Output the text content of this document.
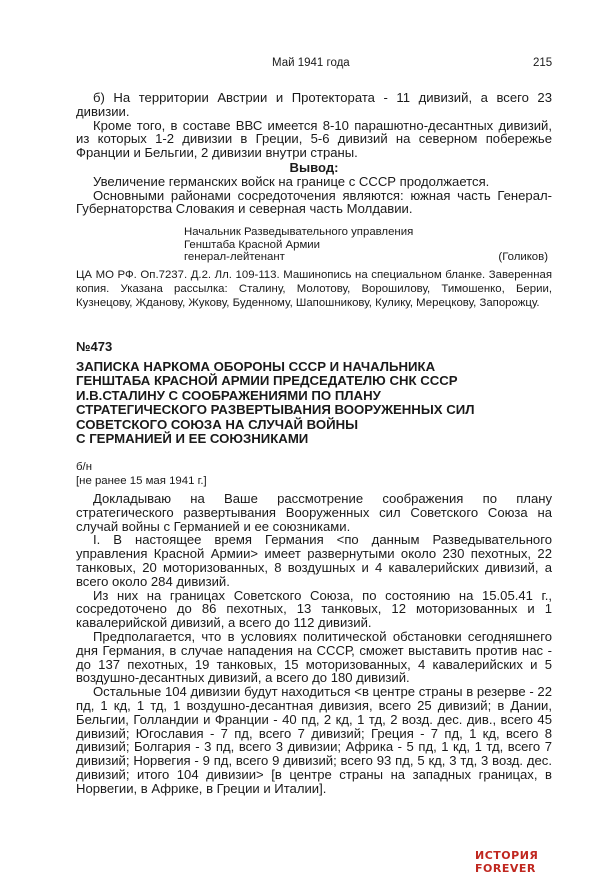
Май 1941 года	215

б) На территории Австрии и Протектората - 11 дивизий, а всего 23 дивизии.

Кроме того, в составе ВВС имеется 8-10 парашютно-десантных дивизий, из которых 1-2 дивизии в Греции, 5-6 дивизий на северном побережье Франции и Бельгии, 2 дивизии внутри страны.

Вывод:

Увеличение германских войск на границе с СССР продолжается.

Основными районами сосредоточения являются: южная часть Генерал-Губернаторства Словакия и северная часть Молдавии.

Начальник Разведывательного управления
Генштаба Красной Армии
генерал-лейтенант	(Голиков)
ЦА МО РФ. Оп.7237. Д.2. Лл. 109-113. Машинопись на специальном бланке. Заверенная копия. Указана рассылка: Сталину, Молотову, Ворошилову, Тимошенко, Берии, Кузнецову, Жданову, Жукову, Буденному, Шапошникову, Кулику, Мерецкову, Запорожцу.
№473
ЗАПИСКА НАРКОМА ОБОРОНЫ СССР И НАЧАЛЬНИКА
ГЕНШТАБА КРАСНОЙ АРМИИ ПРЕДСЕДАТЕЛЮ СНК СССР
И.В.СТАЛИНУ С СООБРАЖЕНИЯМИ ПО ПЛАНУ
СТРАТЕГИЧЕСКОГО РАЗВЕРТЫВАНИЯ ВООРУЖЕННЫХ СИЛ
СОВЕТСКОГО СОЮЗА НА СЛУЧАЙ ВОЙНЫ
С ГЕРМАНИЕЙ И ЕЕ СОЮЗНИКАМИ
б/н
[не ранее 15 мая 1941 г.]

Докладываю на Ваше рассмотрение соображения по плану стратегического развертывания Вооруженных сил Советского Союза на случай войны с Германией и ее союзниками.

I. В настоящее время Германия <по данным Разведывательного управления Красной Армии> имеет развернутыми около 230 пехотных, 22 танковых, 20 моторизованных, 8 воздушных и 4 кавалерийских дивизий, а всего около 284 дивизий.

Из них на границах Советского Союза, по состоянию на 15.05.41 г., сосредоточено до 86 пехотных, 13 танковых, 12 моторизованных и 1 кавалерийской дивизий, а всего до 112 дивизий.

Предполагается, что в условиях политической обстановки сегодняшнего дня Германия, в случае нападения на СССР, сможет выставить против нас - до 137 пехотных, 19 танковых, 15 моторизованных, 4 кавалерийских и 5 воздушно-десантных дивизий, а всего до 180 дивизий.

Остальные 104 дивизии будут находиться <в центре страны в резерве - 22 пд, 1 кд, 1 тд, 1 воздушно-десантная дивизия, всего 25 дивизий; в Дании, Бельгии, Голландии и Франции - 40 пд, 2 кд, 1 тд, 2 возд. дес. див., всего 45 дивизий; Югославия - 7 пд, всего 7 дивизий; Греция - 7 пд, 1 кд, всего 8 дивизий; Болгария - 3 пд, всего 3 дивизии; Африка - 5 пд, 1 кд, 1 тд, всего 7 дивизий; Норвегия - 9 пд, всего 9 дивизий; всего 93 пд, 5 кд, 3 тд, 3 возд. дес. дивизий; итого 104 дивизии> [в центре страны на западных границах, в Норвегии, в Африке, в Греции и Италии].

ИСТОРИЯ FOREVER
